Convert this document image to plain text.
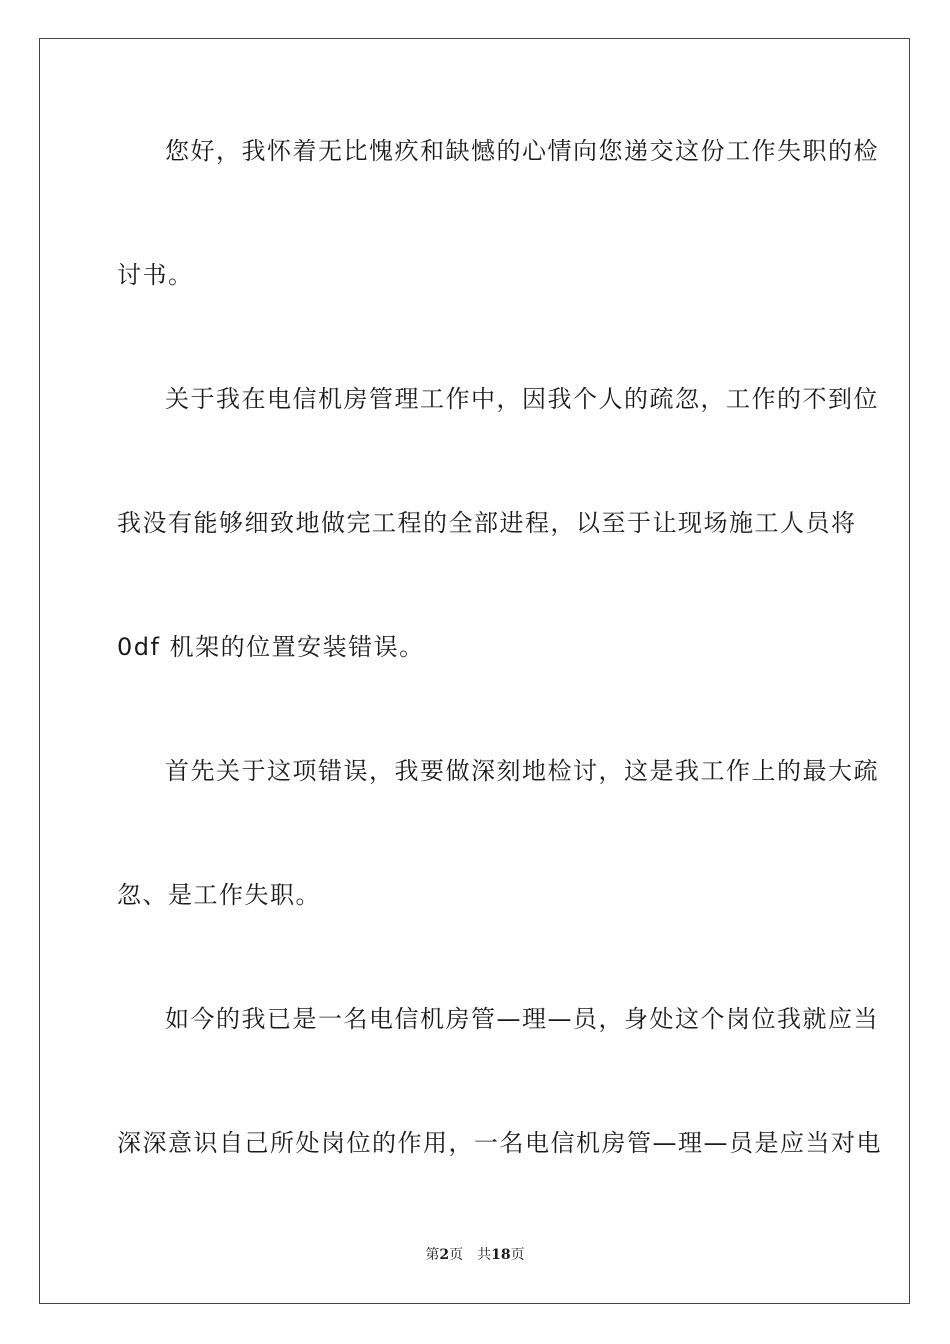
您好，我怀着无比愧疚和缺憾的心情向您递交这份工作失职的检
讨书。
关于我在电信机房管理工作中，因我个人的疏忽，工作的不到位
我没有能够细致地做完工程的全部进程，以至于让现场施工人员将
0df 机架的位置安装错误。
首先关于这项错误，我要做深刻地检讨，这是我工作上的最大疏
忽、是工作失职。
如今的我已是一名电信机房管—理—员，身处这个岗位我就应当
深深意识自己所处岗位的作用，一名电信机房管—理—员是应当对电
第2页 共18页
